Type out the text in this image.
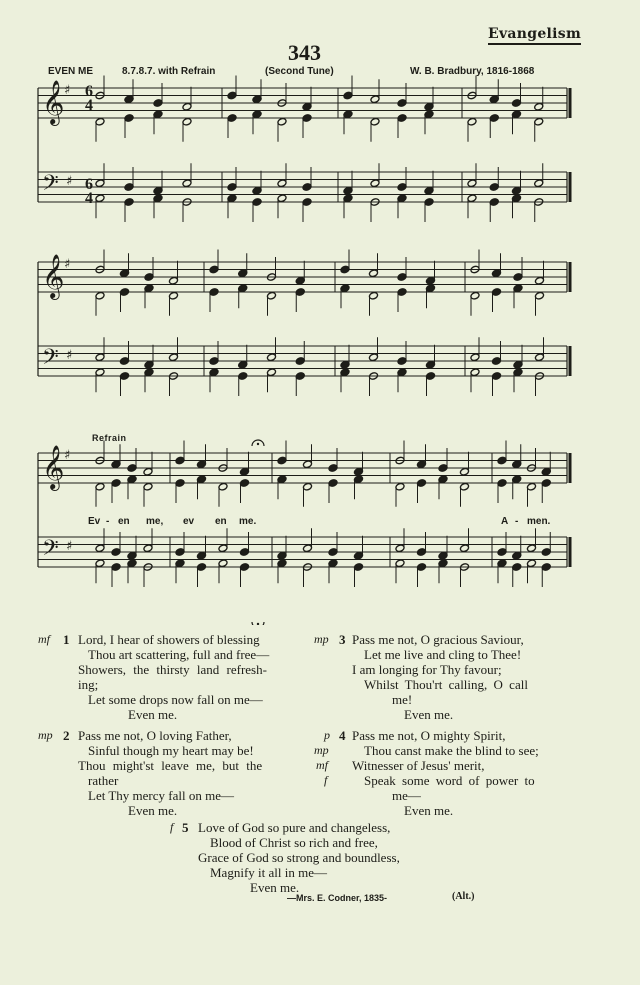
Evangelism
343
EVEN ME	8.7.8.7. with Refrain	(Second Tune)	W. B. Bradbury, 1816-1868
𝄞 ♯
𝄢 ♯
𝄞 ♯
𝄢 ♯
𝄞 ♯
𝄢 ♯
6
4
6
4
Refrain
Ev - en me, ev en me.	A - men.
mf 1 Lord, I hear of showers of blessing
Thou art scattering, full and free—
Showers, the thirsty land refresh-
ing;
Let some drops now fall on me—
Even me.
mp 2 Pass me not, O loving Father,
Sinful though my heart may be!
Thou might'st leave me, but the
rather
Let Thy mercy fall on me—
Even me.
mp 3 Pass me not, O gracious Saviour,
Let me live and cling to Thee!
I am longing for Thy favour;
Whilst Thou'rt calling, O call
me!
Even me.
p 4 Pass me not, O mighty Spirit,
mp	Thou canst make the blind to see;
mf Witnesser of Jesus' merit,
f	Speak some word of power to
me—
Even me.
f 5 Love of God so pure and changeless,
Blood of Christ so rich and free,
Grace of God so strong and boundless,
Magnify it all in me—
Even me.
—Mrs. E. Codner, 1835-	(Alt.)
